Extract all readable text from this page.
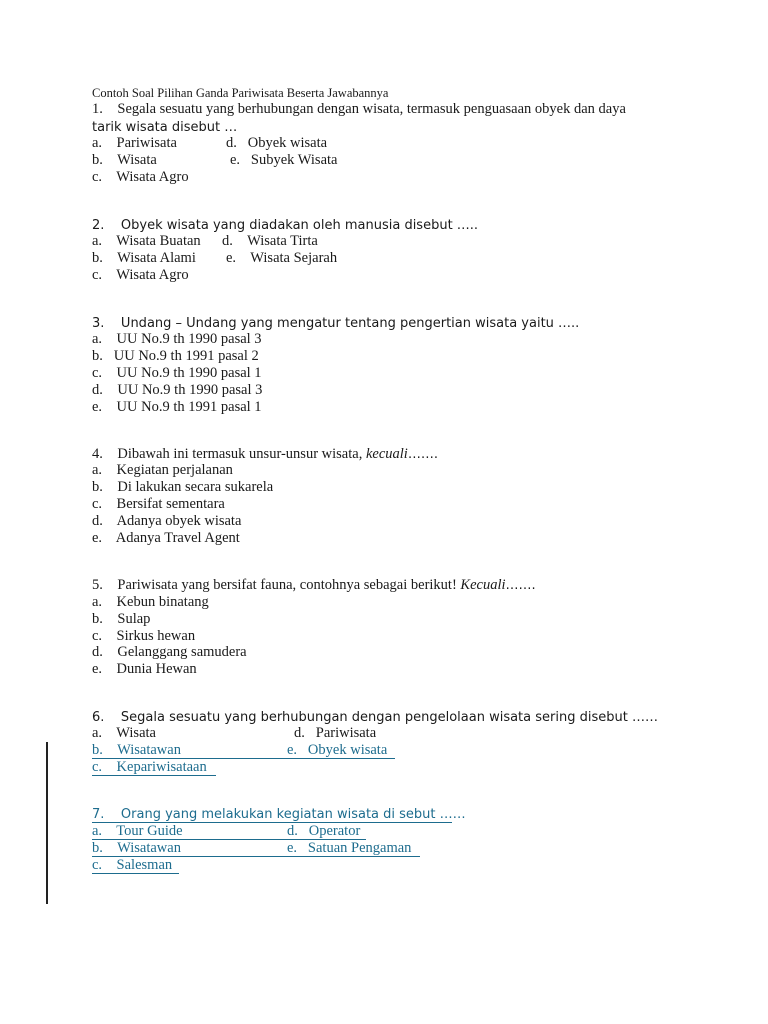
Contoh Soal Pilihan Ganda Pariwisata Beserta Jawabannya
1.    Segala sesuatu yang berhubungan dengan wisata, termasuk penguasaan obyek dan daya
tarik wisata disebut …
a.    Pariwisata	d.   Obyek wisata
b.    Wisata	e.   Subyek Wisata
c.    Wisata Agro
2.    Obyek wisata yang diadakan oleh manusia disebut …..
a.    Wisata Buatan d.    Wisata Tirta
b.    Wisata Alami e.    Wisata Sejarah
c.    Wisata Agro
3.    Undang – Undang yang mengatur tentang pengertian wisata yaitu …..
a.    UU No.9 th 1990 pasal 3
b.   UU No.9 th 1991 pasal 2
c.    UU No.9 th 1990 pasal 1
d.    UU No.9 th 1990 pasal 3
e.    UU No.9 th 1991 pasal 1
4.    Dibawah ini termasuk unsur-unsur wisata, kecuali…….
a.    Kegiatan perjalanan
b.    Di lakukan secara sukarela
c.    Bersifat sementara
d.    Adanya obyek wisata
e.    Adanya Travel Agent
5.    Pariwisata yang bersifat fauna, contohnya sebagai berikut! Kecuali…….
a.    Kebun binatang
b.    Sulap
c.    Sirkus hewan
d.    Gelanggang samudera
e.    Dunia Hewan
6.    Segala sesuatu yang berhubungan dengan pengelolaan wisata sering disebut ……
a.    Wisata	d.   Pariwisata
b.    Wisatawan	e.   Obyek wisata
c.    Kepariwisataan
7.    Orang yang melakukan kegiatan wisata di sebut ……
a.    Tour Guide	d.   Operator
b.    Wisatawan	e.   Satuan Pengaman
c.    Salesman
